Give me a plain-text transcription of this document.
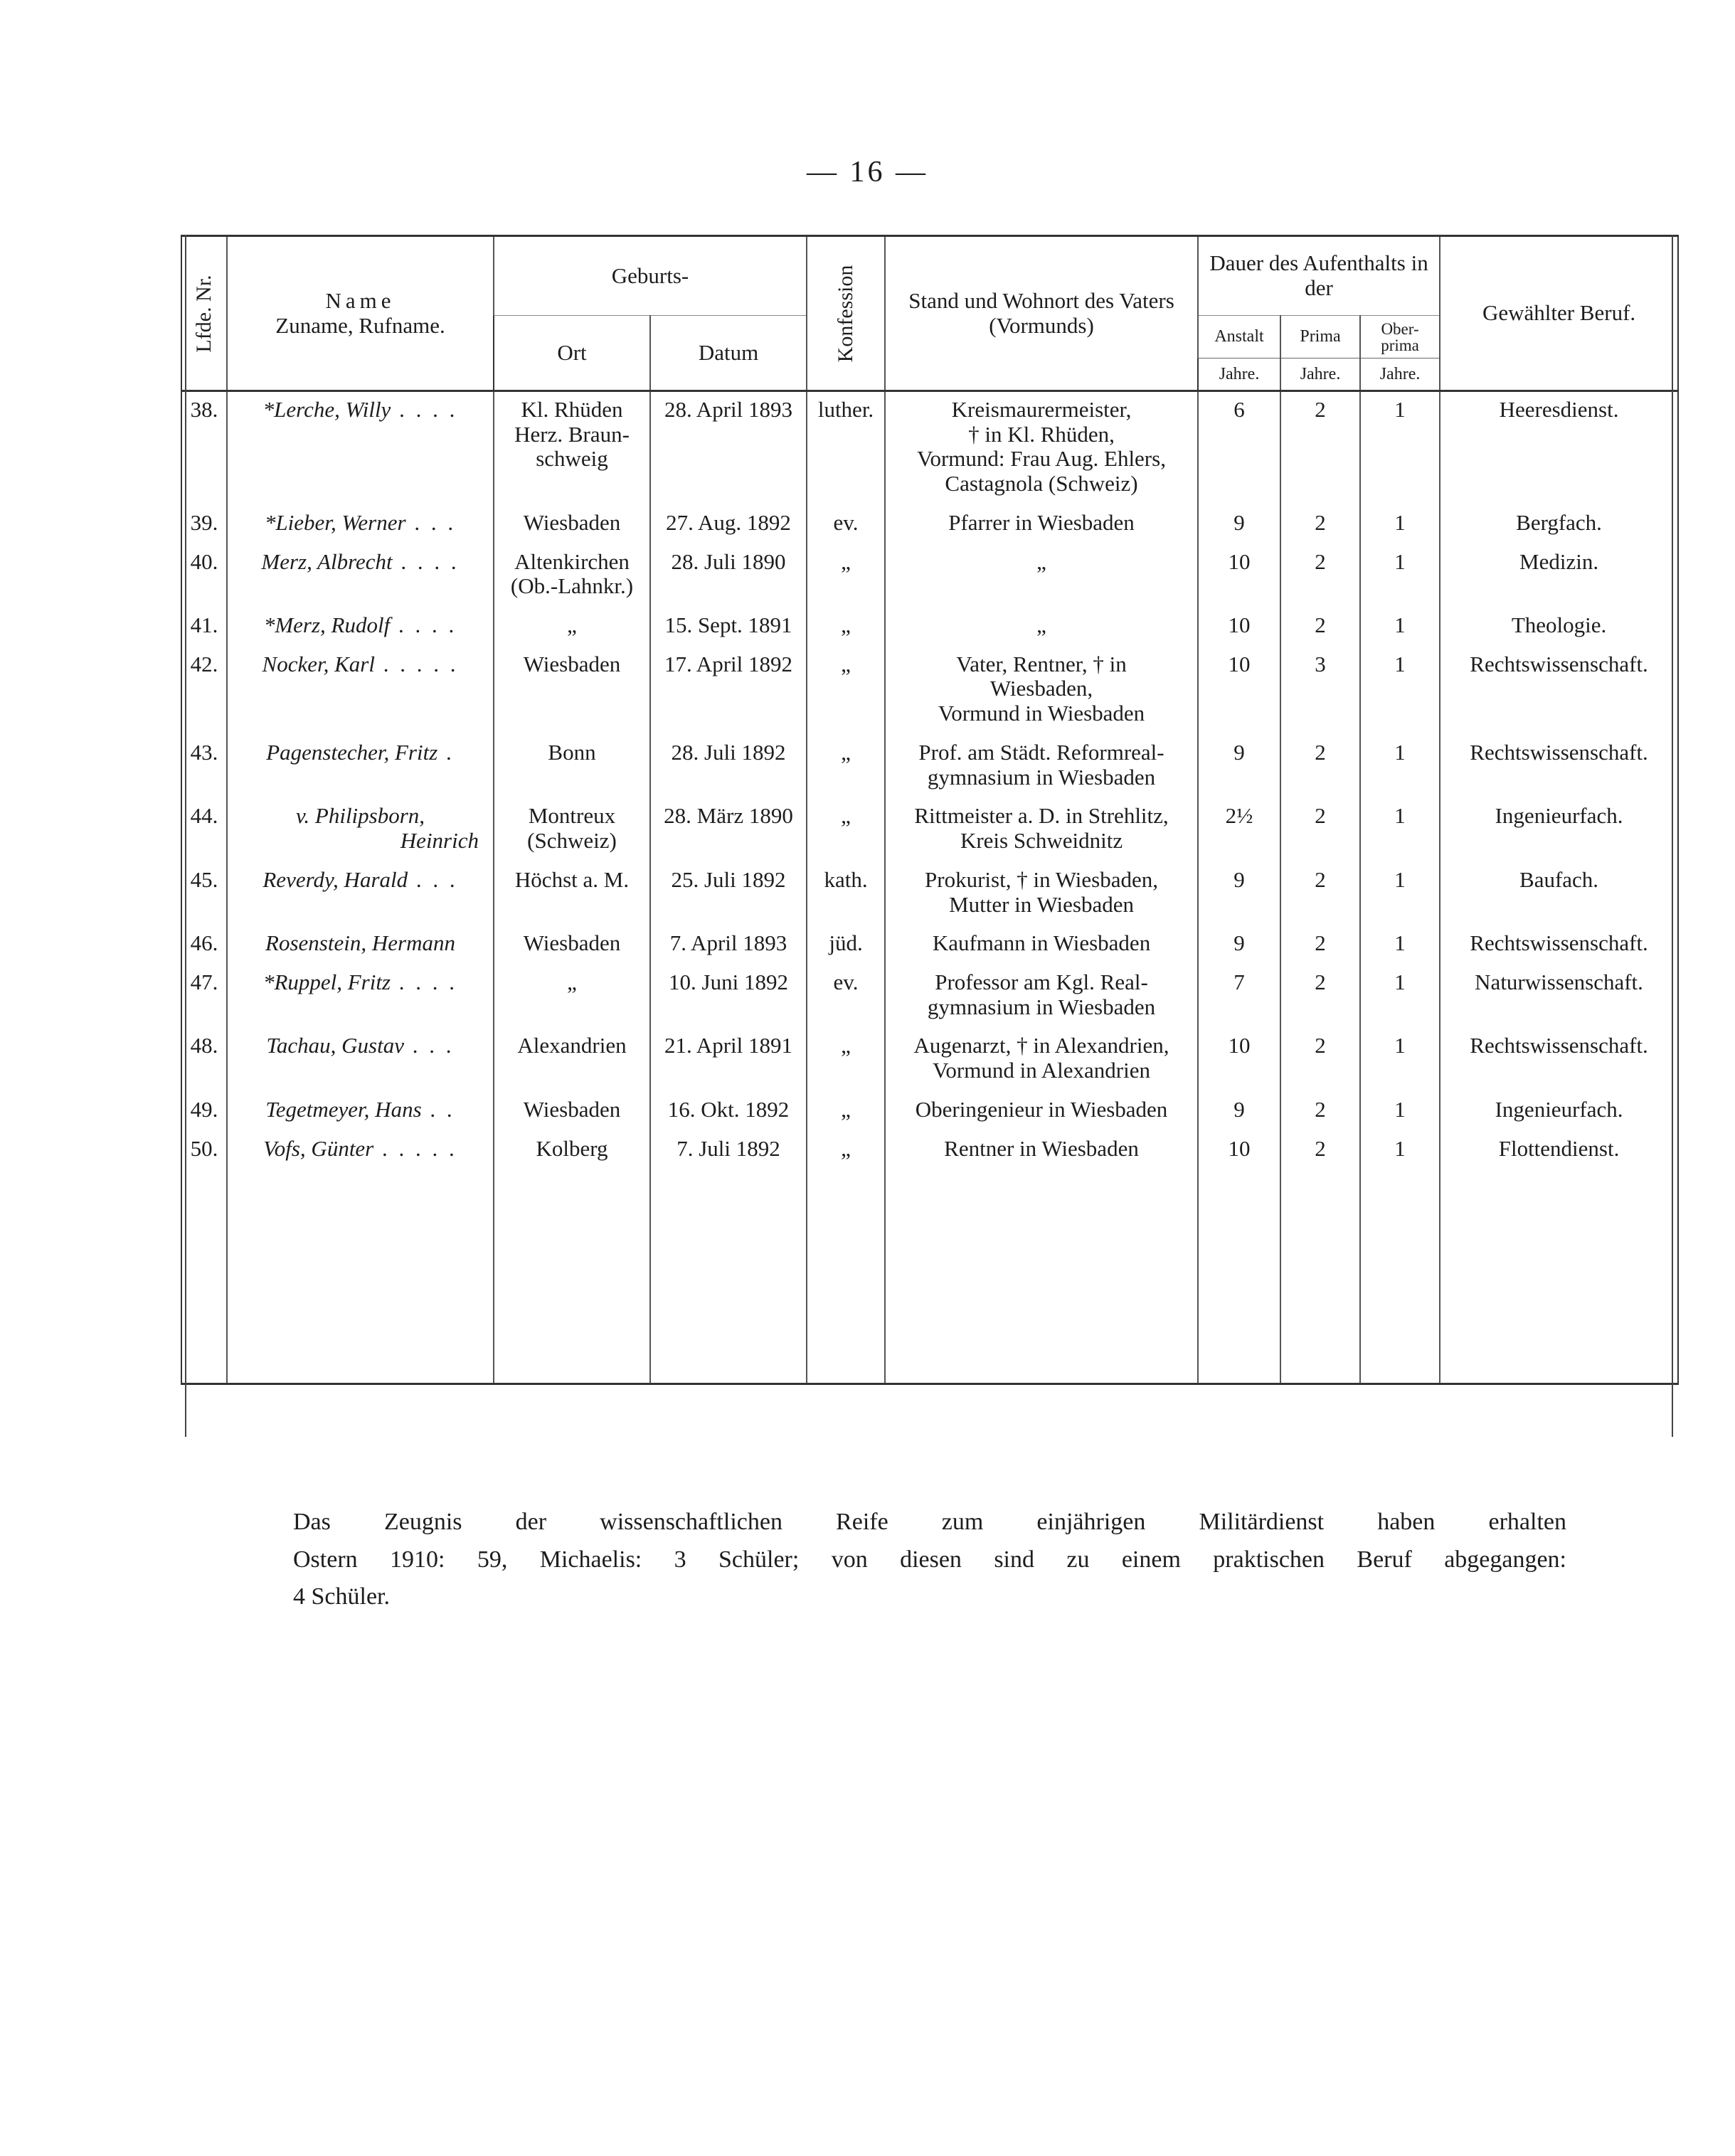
— 16 —
Lfde. Nr.	Name
Zuname, Rufname.	Geburts-		Konfession	Stand und Wohnort des Vaters (Vormunds)	Dauer des Aufenthalts in der			Gewählter Beruf.
		Ort	Datum			Anstalt	Prima	Ober-
prima	

						Jahre.	Jahre.	Jahre.	
38.	*Lerche, Willy . . . .	Kl. Rhüden
Herz. Braun-
schweig	28. April 1893	luther.	Kreismaurermeister,
† in Kl. Rhüden,
Vormund: Frau Aug. Ehlers,
Castagnola (Schweiz)	6	2	1	Heeresdienst.
39.	*Lieber, Werner . . .	Wiesbaden	27. Aug. 1892	ev.	Pfarrer in Wiesbaden	9	2	1	Bergfach.
40.	Merz, Albrecht . . . .	Altenkirchen
(Ob.-Lahnkr.)	28. Juli 1890	„	„	10	2	1	Medizin.
41.	*Merz, Rudolf . . . .	„	15. Sept. 1891	„	„	10	2	1	Theologie.
42.	Nocker, Karl . . . . .	Wiesbaden	17. April 1892	„	Vater, Rentner, † in
Wiesbaden,
Vormund in Wiesbaden	10	3	1	Rechtswissenschaft.
43.	Pagenstecher, Fritz .	Bonn	28. Juli 1892	„	Prof. am Städt. Reformreal-
gymnasium in Wiesbaden	9	2	1	Rechtswissenschaft.
44.	v. Philipsborn,
Heinrich	Montreux
(Schweiz)	28. März 1890	„	Rittmeister a. D. in Strehlitz,
Kreis Schweidnitz	2½	2	1	Ingenieurfach.
45.	Reverdy, Harald . . .	Höchst a. M.	25. Juli 1892	kath.	Prokurist, † in Wiesbaden,
Mutter in Wiesbaden	9	2	1	Baufach.
46.	Rosenstein, Hermann	Wiesbaden	7. April 1893	jüd.	Kaufmann in Wiesbaden	9	2	1	Rechtswissenschaft.
47.	*Ruppel, Fritz . . . .	„	10. Juni 1892	ev.	Professor am Kgl. Real-
gymnasium in Wiesbaden	7	2	1	Naturwissenschaft.
48.	Tachau, Gustav . . .	Alexandrien	21. April 1891	„	Augenarzt, † in Alexandrien,
Vormund in Alexandrien	10	2	1	Rechtswissenschaft.
49.	Tegetmeyer, Hans . .	Wiesbaden	16. Okt. 1892	„	Oberingenieur in Wiesbaden	9	2	1	Ingenieurfach.
50.	Vofs, Günter . . . . .	Kolberg	7. Juli 1892	„	Rentner in Wiesbaden	10	2	1	Flottendienst.

Das Zeugnis der wissenschaftlichen Reife zum einjährigen Militärdienst haben erhalten
Ostern 1910: 59, Michaelis: 3 Schüler; von diesen sind zu einem praktischen Beruf abgegangen:
4 Schüler.
